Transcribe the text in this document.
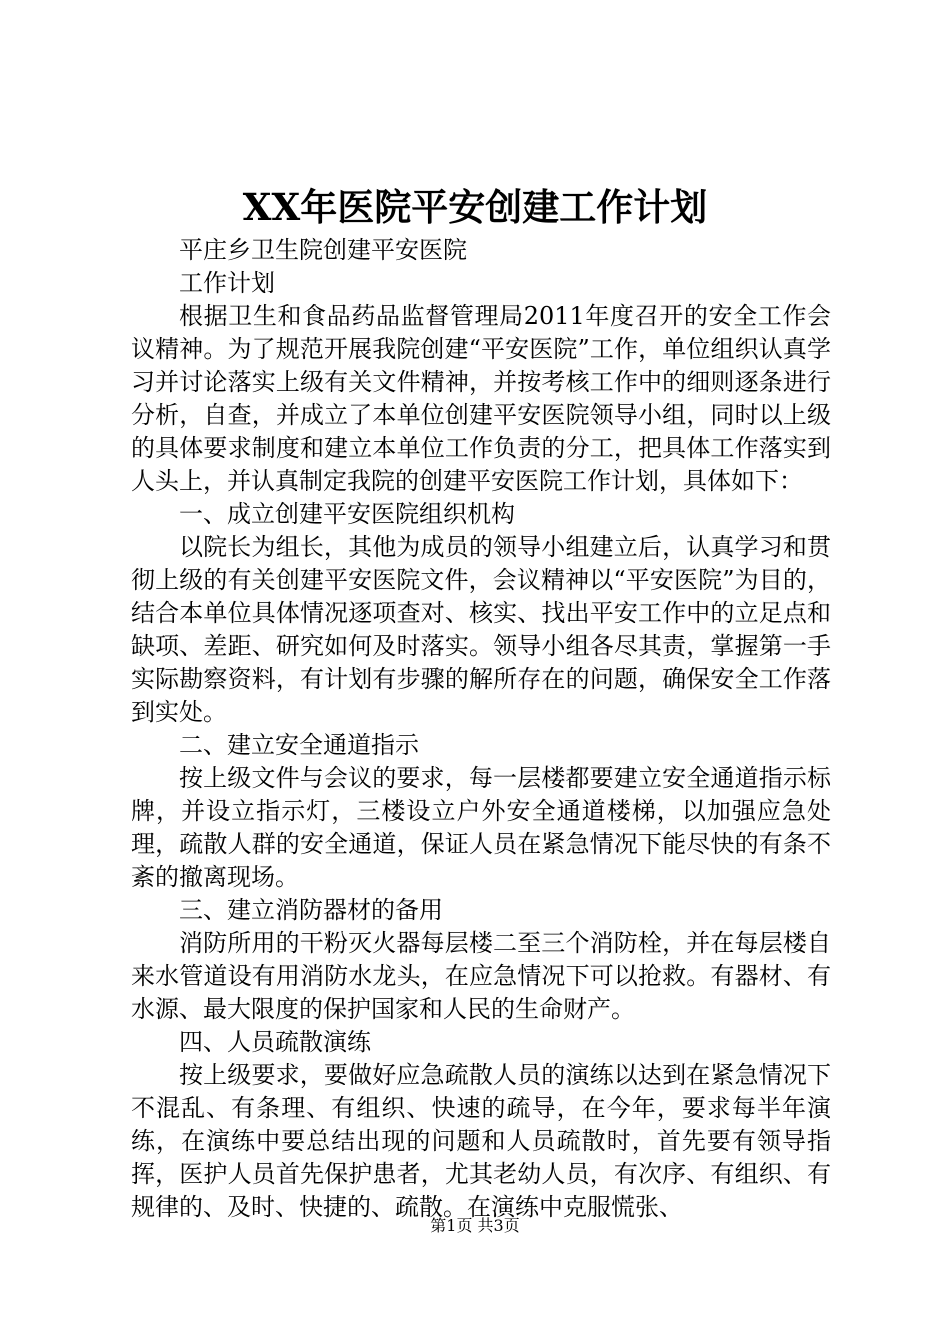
XX年医院平安创建工作计划

平庄乡卫生院创建平安医院

工作计划

根据卫生和食品药品监督管理局2011年度召开的安全工作会议精神。为了规范开展我院创建“平安医院”工作，单位组织认真学习并讨论落实上级有关文件精神，并按考核工作中的细则逐条进行分析，自查，并成立了本单位创建平安医院领导小组，同时以上级的具体要求制度和建立本单位工作负责的分工，把具体工作落实到人头上，并认真制定我院的创建平安医院工作计划，具体如下：

一、成立创建平安医院组织机构

以院长为组长，其他为成员的领导小组建立后，认真学习和贯彻上级的有关创建平安医院文件，会议精神以“平安医院”为目的，结合本单位具体情况逐项查对、核实、找出平安工作中的立足点和缺项、差距、研究如何及时落实。领导小组各尽其责，掌握第一手实际勘察资料，有计划有步骤的解所存在的问题，确保安全工作落到实处。

二、建立安全通道指示

按上级文件与会议的要求，每一层楼都要建立安全通道指示标牌，并设立指示灯，三楼设立户外安全通道楼梯，以加强应急处理，疏散人群的安全通道，保证人员在紧急情况下能尽快的有条不紊的撤离现场。

三、建立消防器材的备用

消防所用的干粉灭火器每层楼二至三个消防栓，并在每层楼自来水管道设有用消防水龙头，在应急情况下可以抢救。有器材、有水源、最大限度的保护国家和人民的生命财产。

四、人员疏散演练

按上级要求，要做好应急疏散人员的演练以达到在紧急情况下不混乱、有条理、有组织、快速的疏导，在今年，要求每半年演练，在演练中要总结出现的问题和人员疏散时，首先要有领导指挥，医护人员首先保护患者，尤其老幼人员，有次序、有组织、有规律的、及时、快捷的、疏散。在演练中克服慌张、

第1页 共3页
